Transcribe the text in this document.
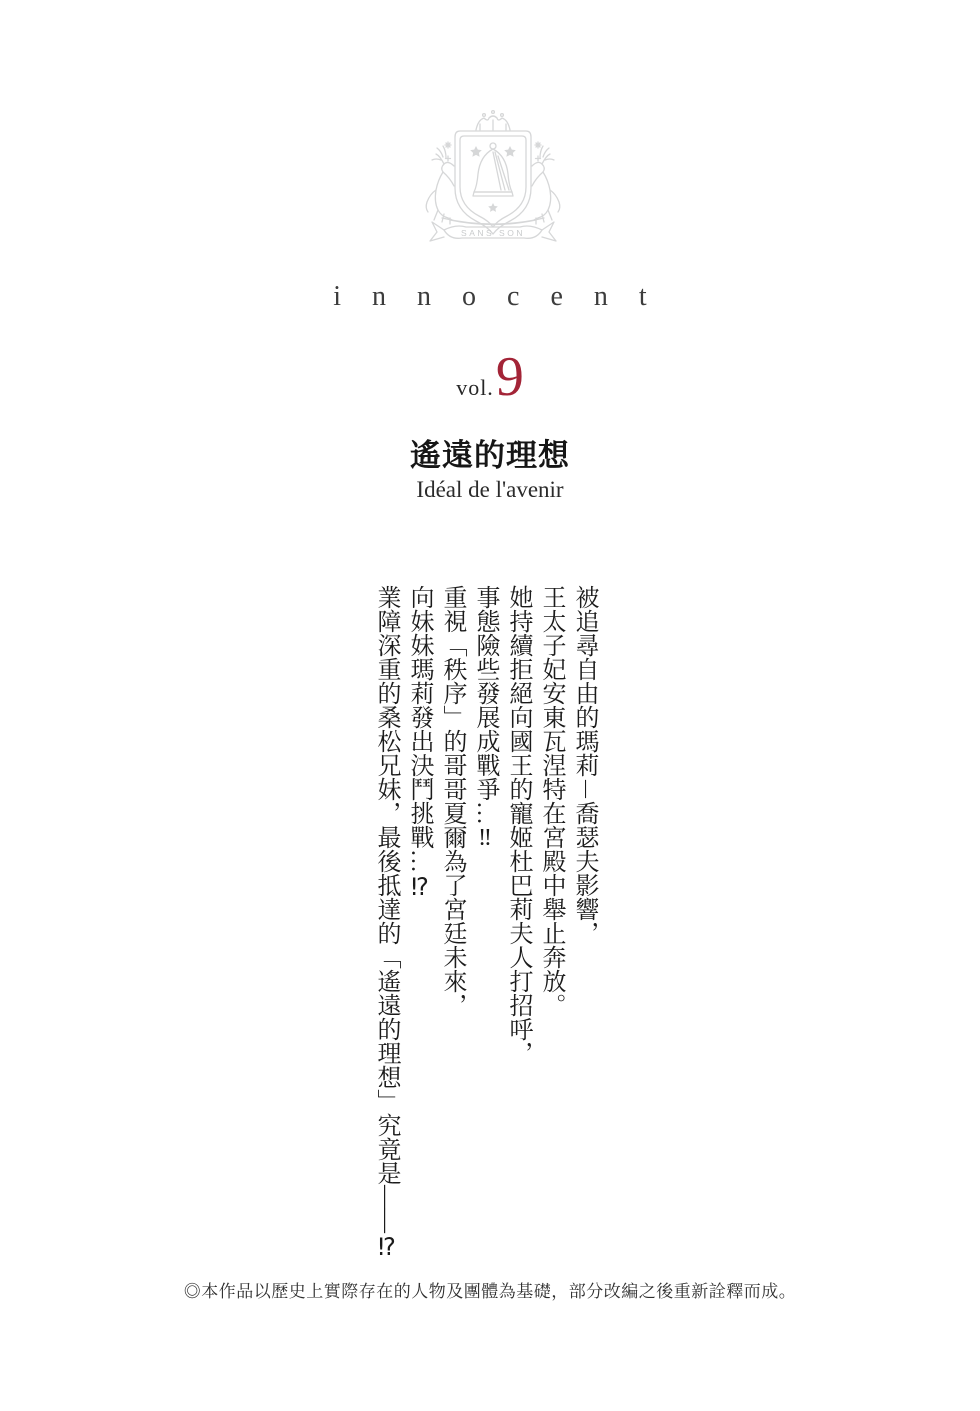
SANS SON
innocent
vol.9
遙遠的理想
Idéal de l'avenir

被追尋自由的瑪莉－喬瑟夫影響，

王太子妃安東瓦涅特在宮殿中舉止奔放。

她持續拒絕向國王的寵姬杜巴莉夫人打招呼，

事態險些發展成戰爭…‼

重視「秩序」的哥哥夏爾為了宮廷未來，

向妹妹瑪莉發出決鬥挑戰…⁉

業障深重的桑松兄妹，最後抵達的「遙遠的理想」究竟是——⁉

◎本作品以歷史上實際存在的人物及團體為基礎，部分改編之後重新詮釋而成。
